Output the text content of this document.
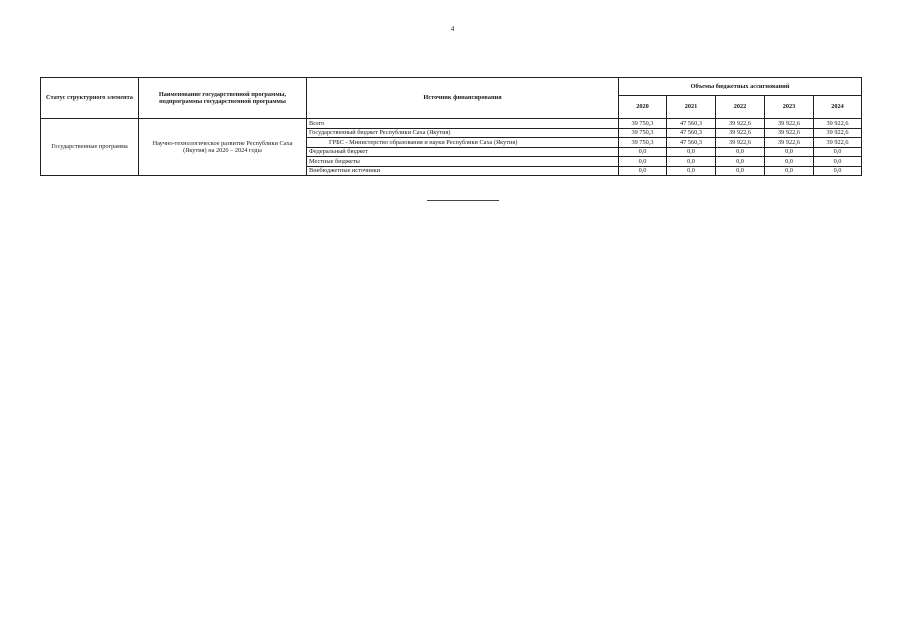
4
Статус структурного элемента	Наименование государственной программы, подпрограммы государственной программы	Источник финансирования	Объемы бюджетных ассигнований				
			2020	2021	2022	2023	2024
Государственные программа	Научно-технологическое развитие Республики Саха (Якутия) на 2020 – 2024 годы	Всего	39 750,3	47 560,3	39 922,6	39 922,6	39 922,6
		Государственный бюджет Республики Саха (Якутия)	39 750,3	47 560,3	39 922,6	39 922,6	39 922,6
		ГРБС - Министерство образования и науки Республики Саха (Якутия)	39 750,3	47 560,3	39 922,6	39 922,6	39 922,6
		Федеральный бюджет	0,0	0,0	0,0	0,0	0,0
		Местные бюджеты	0,0	0,0	0,0	0,0	0,0
		Внебюджетные источники	0,0	0,0	0,0	0,0	0,0
